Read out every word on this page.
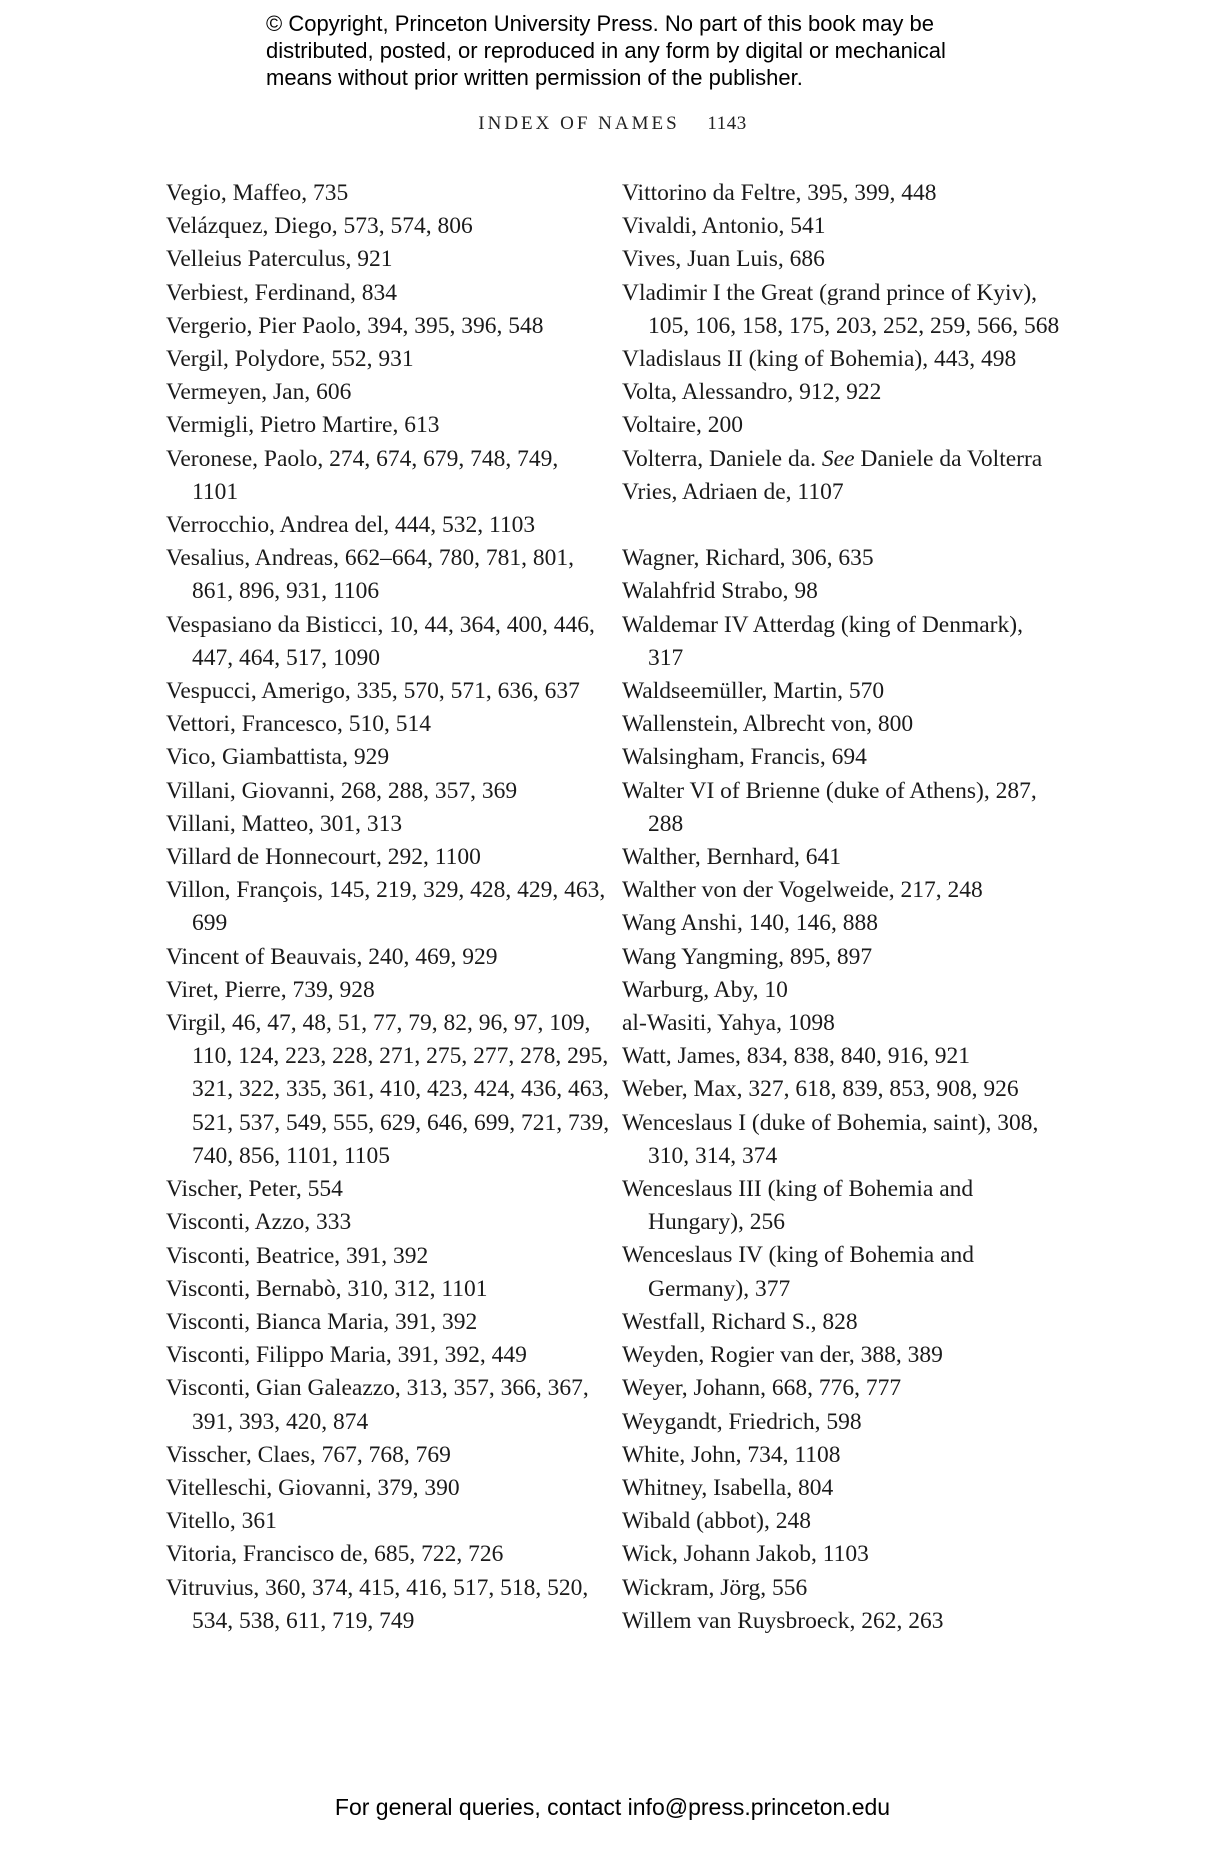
© Copyright, Princeton University Press. No part of this book may be
distributed, posted, or reproduced in any form by digital or mechanical
means without prior written permission of the publisher.
INDEX OF NAMES 1143
Vegio, Maffeo, 735
Velázquez, Diego, 573, 574, 806
Velleius Paterculus, 921
Verbiest, Ferdinand, 834
Vergerio, Pier Paolo, 394, 395, 396, 548
Vergil, Polydore, 552, 931
Vermeyen, Jan, 606
Vermigli, Pietro Martire, 613
Veronese, Paolo, 274, 674, 679, 748, 749,
1101
Verrocchio, Andrea del, 444, 532, 1103
Vesalius, Andreas, 662–664, 780, 781, 801,
861, 896, 931, 1106
Vespasiano da Bisticci, 10, 44, 364, 400, 446,
447, 464, 517, 1090
Vespucci, Amerigo, 335, 570, 571, 636, 637
Vettori, Francesco, 510, 514
Vico, Giambattista, 929
Villani, Giovanni, 268, 288, 357, 369
Villani, Matteo, 301, 313
Villard de Honnecourt, 292, 1100
Villon, François, 145, 219, 329, 428, 429, 463,
699
Vincent of Beauvais, 240, 469, 929
Viret, Pierre, 739, 928
Virgil, 46, 47, 48, 51, 77, 79, 82, 96, 97, 109,
110, 124, 223, 228, 271, 275, 277, 278, 295,
321, 322, 335, 361, 410, 423, 424, 436, 463,
521, 537, 549, 555, 629, 646, 699, 721, 739,
740, 856, 1101, 1105
Vischer, Peter, 554
Visconti, Azzo, 333
Visconti, Beatrice, 391, 392
Visconti, Bernabò, 310, 312, 1101
Visconti, Bianca Maria, 391, 392
Visconti, Filippo Maria, 391, 392, 449
Visconti, Gian Galeazzo, 313, 357, 366, 367,
391, 393, 420, 874
Visscher, Claes, 767, 768, 769
Vitelleschi, Giovanni, 379, 390
Vitello, 361
Vitoria, Francisco de, 685, 722, 726
Vitruvius, 360, 374, 415, 416, 517, 518, 520,
534, 538, 611, 719, 749
Vittorino da Feltre, 395, 399, 448
Vivaldi, Antonio, 541
Vives, Juan Luis, 686
Vladimir I the Great (grand prince of Kyiv),
105, 106, 158, 175, 203, 252, 259, 566, 568
Vladislaus II (king of Bohemia), 443, 498
Volta, Alessandro, 912, 922
Voltaire, 200
Volterra, Daniele da. See Daniele da Volterra
Vries, Adriaen de, 1107
Wagner, Richard, 306, 635
Walahfrid Strabo, 98
Waldemar IV Atterdag (king of Denmark),
317
Waldseemüller, Martin, 570
Wallenstein, Albrecht von, 800
Walsingham, Francis, 694
Walter VI of Brienne (duke of Athens), 287,
288
Walther, Bernhard, 641
Walther von der Vogelweide, 217, 248
Wang Anshi, 140, 146, 888
Wang Yangming, 895, 897
Warburg, Aby, 10
al-Wasiti, Yahya, 1098
Watt, James, 834, 838, 840, 916, 921
Weber, Max, 327, 618, 839, 853, 908, 926
Wenceslaus I (duke of Bohemia, saint), 308,
310, 314, 374
Wenceslaus III (king of Bohemia and
Hungary), 256
Wenceslaus IV (king of Bohemia and
Germany), 377
Westfall, Richard S., 828
Weyden, Rogier van der, 388, 389
Weyer, Johann, 668, 776, 777
Weygandt, Friedrich, 598
White, John, 734, 1108
Whitney, Isabella, 804
Wibald (abbot), 248
Wick, Johann Jakob, 1103
Wickram, Jörg, 556
Willem van Ruysbroeck, 262, 263
For general queries, contact info@press.princeton.edu
